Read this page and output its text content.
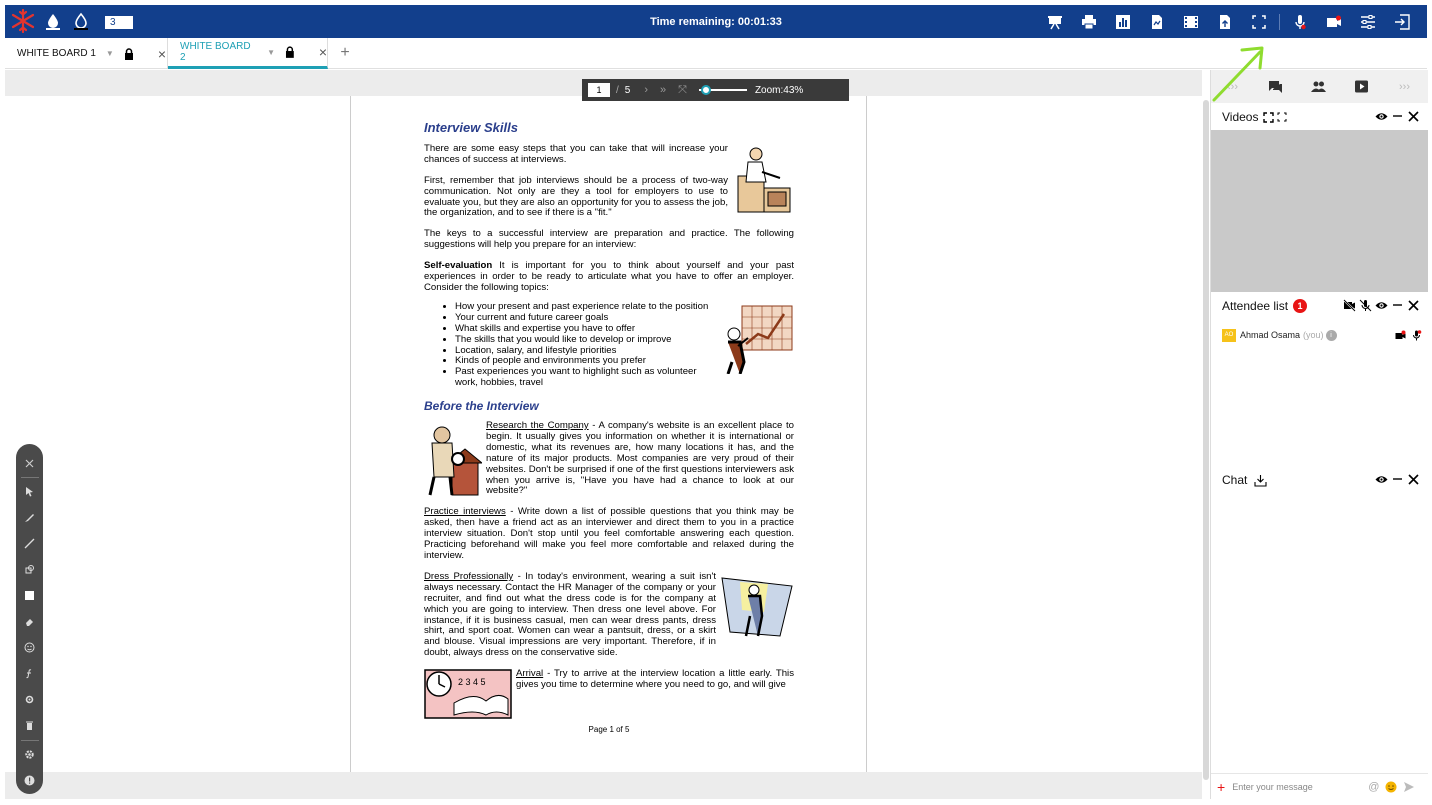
3	Time remaining: 00:01:33
WHITE BOARD 1 ▼	× WHITE BOARD 2	▼	× +
1	/ 5 › » ⤧	Zoom:43%
Interview Skills

There are some easy steps that you can take that will increase your chances of success at interviews.

First, remember that job interviews should be a process of two-way communication. Not only are they a tool for employers to use to evaluate you, but they are also an opportunity for you to assess the job, the organization, and to see if there is a "fit."

The keys to a successful interview are preparation and practice. The following suggestions will help you prepare for an interview:

Self-evaluation It is important for you to think about yourself and your past experiences in order to be ready to articulate what you have to offer an employer. Consider the following topics:

• How your present and past experience relate to the position
• Your current and future career goals
• What skills and expertise you have to offer
• The skills that you would like to develop or improve
• Location, salary, and lifestyle priorities
• Kinds of people and environments you prefer
• Past experiences you want to highlight such as volunteer work, hobbies, travel
Before the Interview

Research the Company - A company's website is an excellent place to begin. It usually gives you information on whether it is international or domestic, what its revenues are, how many locations it has, and the nature of its major products. Most companies are very proud of their websites. Don't be surprised if one of the first questions interviewers ask when you arrive is, "Have you have had a chance to look at our website?"

Practice interviews - Write down a list of possible questions that you think may be asked, then have a friend act as an interviewer and direct them to you in a practice interview situation. Don't stop until you feel comfortable answering each question. Practicing beforehand will make you feel more comfortable and relaxed during the interview.

Dress Professionally - In today's environment, wearing a suit isn't always necessary. Contact the HR Manager of the company or your recruiter, and find out what the dress code is for the company at which you are going to interview. Then dress one level above. For instance, if it is business casual, men can wear dress pants, dress shirt, and sport coat. Women can wear a pantsuit, dress, or a skirt and blouse. Visual impressions are very important. Therefore, if in doubt, always dress on the conservative side.

2 3 4 5

Arrival - Try to arrive at the interview location a little early. This gives you time to determine where you need to go, and will give

Page 1 of 5
‹››	›››
Videos
Attendee list	1
AO Ahmad Osama (you) i
Chat
+
Enter your message	@
